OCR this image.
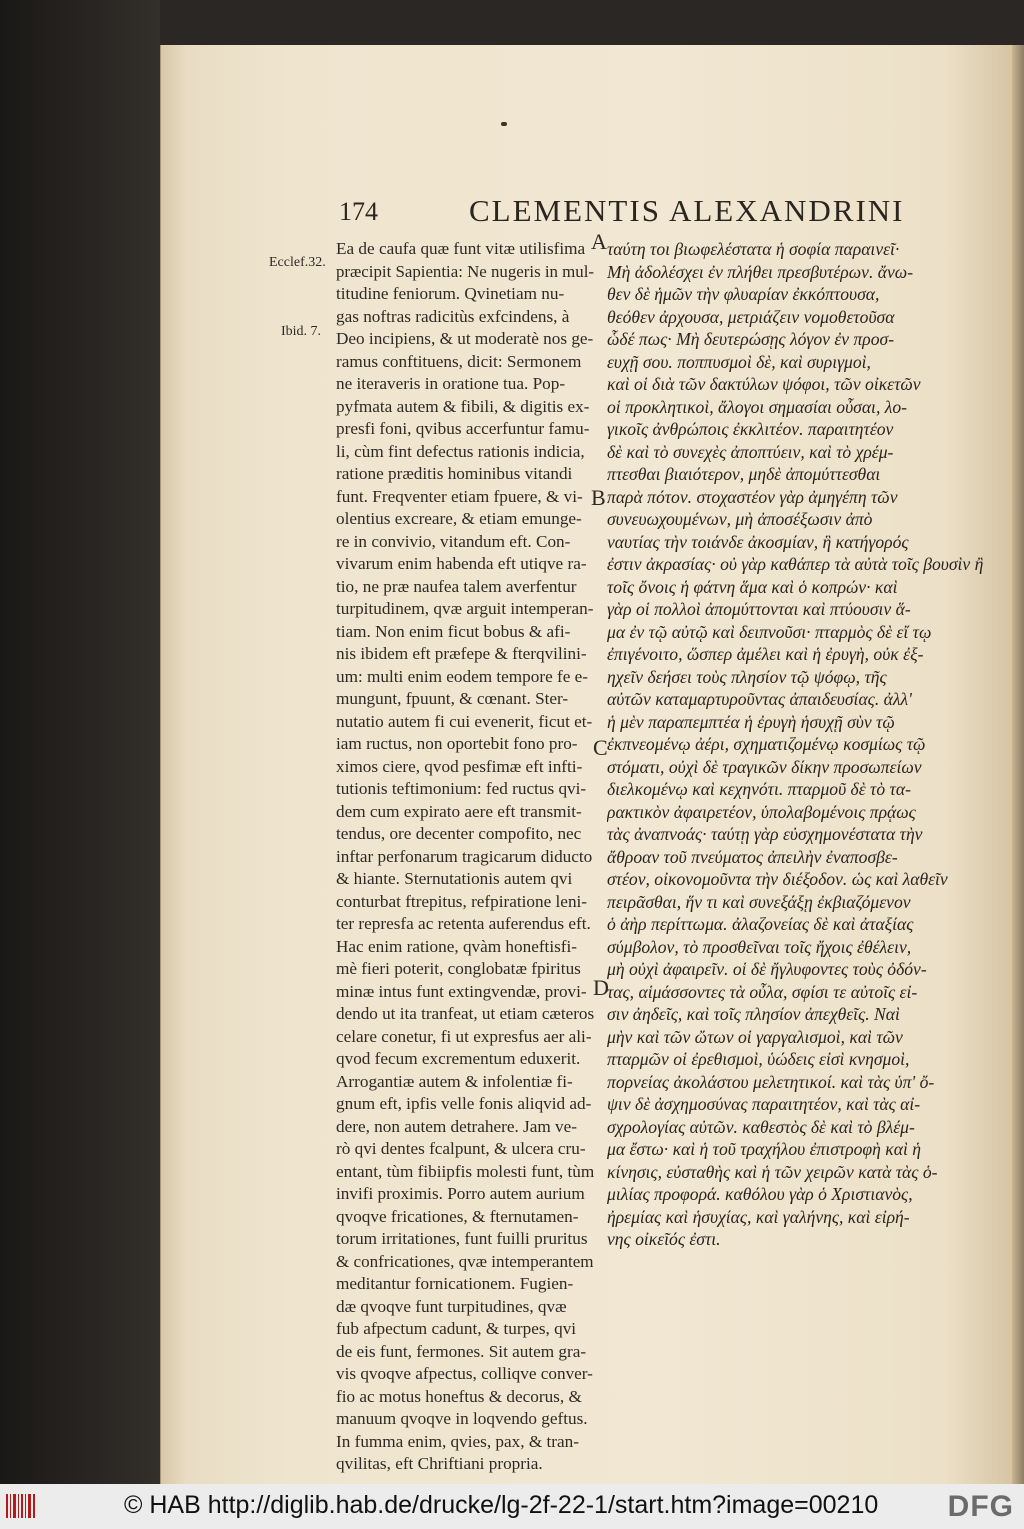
174	CLEMENTIS ALEXANDRINI
Ecclef.32.
Ibid. 7.
A
B
C
D
Ea de caufa quæ funt vitæ utilisfima
præcipit Sapientia: Ne nugeris in mul-
titudine feniorum. Qvinetiam nu-
gas noftras radicitùs exfcindens, à
Deo incipiens, & ut moderatè nos ge-
ramus conftituens, dicit: Sermonem
ne iteraveris in oratione tua. Pop-
pyfmata autem & fibili, & digitis ex-
presfi foni, qvibus accerfuntur famu-
li, cùm fint defectus rationis indicia,
ratione præditis hominibus vitandi
funt. Freqventer etiam fpuere, & vi-
olentius excreare, & etiam emunge-
re in convivio, vitandum eft. Con-
vivarum enim habenda eft utiqve ra-
tio, ne præ naufea talem averfentur
turpitudinem, qvæ arguit intemperan-
tiam. Non enim ficut bobus & afi-
nis ibidem eft præfepe & fterqvilini-
um: multi enim eodem tempore fe e-
mungunt, fpuunt, & cœnant. Ster-
nutatio autem fi cui evenerit, ficut et-
iam ructus, non oportebit fono pro-
ximos ciere, qvod pesfimæ eft infti-
tutionis teftimonium: fed ructus qvi-
dem cum expirato aere eft transmit-
tendus, ore decenter compofito, nec
inftar perfonarum tragicarum diducto
& hiante. Sternutationis autem qvi
conturbat ftrepitus, refpiratione leni-
ter represfa ac retenta auferendus eft.
Hac enim ratione, qvàm honeftisfi-
mè fieri poterit, conglobatæ fpiritus
minæ intus funt extingvendæ, provi-
dendo ut ita tranfeat, ut etiam cæteros
celare conetur, fi ut expresfus aer ali-
qvod fecum excrementum eduxerit.
Arrogantiæ autem & infolentiæ fi-
gnum eft, ipfis velle fonis aliqvid ad-
dere, non autem detrahere. Jam ve-
rò qvi dentes fcalpunt, & ulcera cru-
entant, tùm fibiipfis molesti funt, tùm
invifi proximis. Porro autem aurium
qvoqve fricationes, & fternutamen-
torum irritationes, funt fuilli pruritus
& confricationes, qvæ intemperantem
meditantur fornicationem. Fugien-
dæ qvoqve funt turpitudines, qvæ
fub afpectum cadunt, & turpes, qvi
de eis funt, fermones. Sit autem gra-
vis qvoqve afpectus, colliqve conver-
fio ac motus honeftus & decorus, &
manuum qvoqve in loqvendo geftus.
In fumma enim, qvies, pax, & tran-
qvilitas, eft Chriftiani propria.
ταύτη τοι βιωφελέστατα ἡ σοφία παραινεῖ·
Μὴ ἀδολέσχει ἐν πλήθει πρεσβυτέρων. ἄνω-
θεν δὲ ἡμῶν τὴν φλυαρίαν ἐκκόπτουσα,
θεόθεν ἀρχουσα, μετριάζειν νομοθετοῦσα
ὧδέ πως· Μὴ δευτερώσῃς λόγον ἐν προσ-
ευχῇ σου. ποππυσμοὶ δὲ, καὶ συριγμοὶ,
καὶ οἱ διὰ τῶν δακτύλων ψόφοι, τῶν οἰκετῶν
οἱ προκλητικοὶ, ἄλογοι σημασίαι οὖσαι, λο-
γικοῖς ἀνθρώποις ἐκκλιτέον. παραιτητέον
δὲ καὶ τὸ συνεχὲς ἀποπτύειν, καὶ τὸ χρέμ-
πτεσθαι βιαιότερον, μηδὲ ἀπομύττεσθαι
παρὰ πότον. στοχαστέον γὰρ ἀμηγέπη τῶν
συνευωχουμένων, μὴ ἀποσέξωσιν ἀπὸ
ναυτίας τὴν τοιάνδε ἀκοσμίαν, ἣ κατήγορός
ἐστιν ἀκρασίας· οὐ γὰρ καθάπερ τὰ αὐτὰ τοῖς βουσὶν ἢ
τοῖς ὄνοις ἡ φάτνη ἅμα καὶ ὁ κοπρών· καὶ
γὰρ οἱ πολλοὶ ἀπομύττονται καὶ πτύουσιν ἅ-
μα ἐν τῷ αὐτῷ καὶ δειπνοῦσι· πταρμὸς δὲ εἴ τῳ
ἐπιγένοιτο, ὥσπερ ἀμέλει καὶ ἡ ἐρυγὴ, οὐκ ἐξ-
ηχεῖν δεήσει τοὺς πλησίον τῷ ψόφῳ, τῆς
αὐτῶν καταμαρτυροῦντας ἀπαιδευσίας. ἀλλ'
ἡ μὲν παραπεμπτέα ἡ ἐρυγὴ ἡσυχῇ σὺν τῷ
ἐκπνεομένῳ ἀέρι, σχηματιζομένῳ κοσμίως τῷ
στόματι, οὐχὶ δὲ τραγικῶν δίκην προσωπείων
διελκομένῳ καὶ κεχηνότι. πταρμοῦ δὲ τὸ τα-
ρακτικὸν ἀφαιρετέον, ὑπολαβομένοις πρᾴως
τὰς ἀναπνοάς· ταύτῃ γὰρ εὐσχημονέστατα τὴν
ἄθροαν τοῦ πνεύματος ἀπειλὴν ἐναποσβε-
στέον, οἰκονομοῦντα τὴν διέξοδον. ὡς καὶ λαθεῖν
πειρᾶσθαι, ἥν τι καὶ συνεξάξῃ ἐκβιαζόμενον
ὁ ἀὴρ περίττωμα. ἀλαζονείας δὲ καὶ ἀταξίας
σύμβολον, τὸ προσθεῖναι τοῖς ἤχοις ἐθέλειν,
μὴ οὐχὶ ἀφαιρεῖν. οἱ δὲ ἤγλυφοντες τοὺς ὀδόν-
τας, αἱμάσσοντες τὰ οὖλα, σφίσι τε αὐτοῖς εἰ-
σιν ἀηδεῖς, καὶ τοῖς πλησίον ἀπεχθεῖς. Ναὶ
μὴν καὶ τῶν ὤτων οἱ γαργαλισμοὶ, καὶ τῶν
πταρμῶν οἱ ἐρεθισμοὶ, ὑώδεις εἰσὶ κνησμοὶ,
πορνείας ἀκολάστου μελετητικοί. καὶ τὰς ὑπ' ὄ-
ψιν δὲ ἀσχημοσύνας παραιτητέον, καὶ τὰς αἰ-
σχρολογίας αὐτῶν. καθεστὸς δὲ καὶ τὸ βλέμ-
μα ἔστω· καὶ ἡ τοῦ τραχήλου ἐπιστροφὴ καὶ ἡ
κίνησις, εὐσταθὴς καὶ ἡ τῶν χειρῶν κατὰ τὰς ὁ-
μιλίας προφορά. καθόλου γὰρ ὁ Χριστιανὸς,
ἠρεμίας καὶ ἡσυχίας, καὶ γαλήνης, καὶ εἰρή-
νης οἰκεῖός ἐστι.
© HAB http://diglib.hab.de/drucke/lg-2f-22-1/start.htm?image=00210 DFG
